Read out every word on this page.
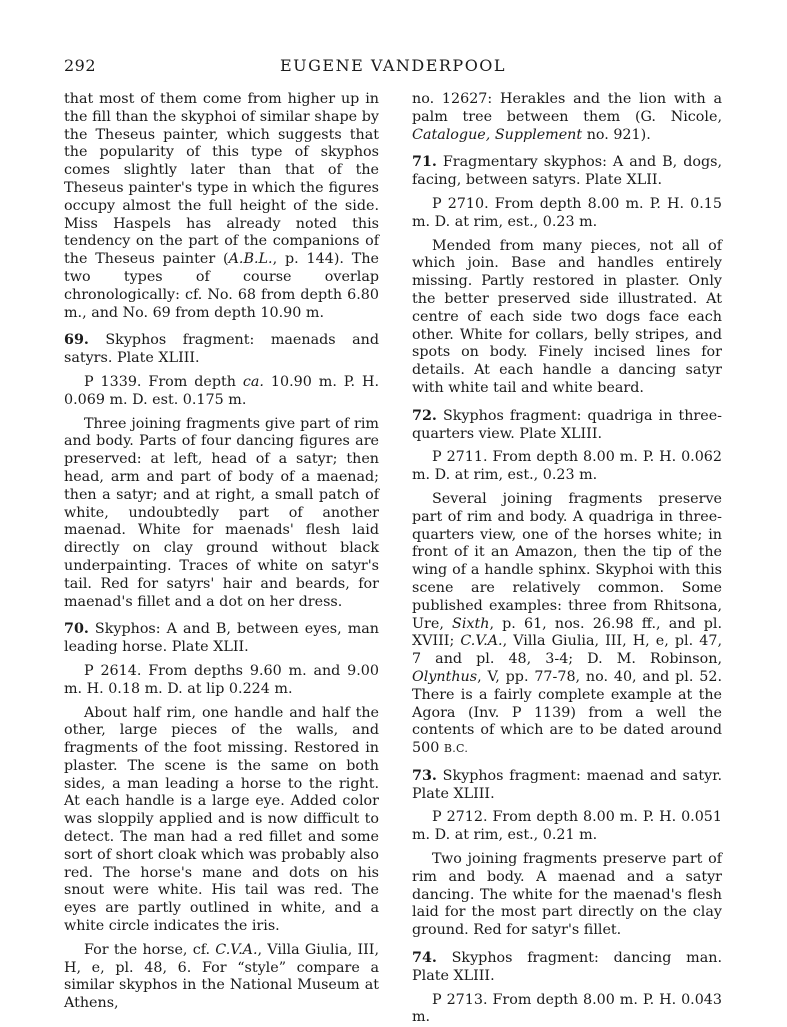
292	EUGENE VANDERPOOL

that most of them come from higher up in the fill than the skyphoi of similar shape by the Theseus painter, which suggests that the popularity of this type of skyphos comes slightly later than that of the Theseus painter's type in which the figures occupy almost the full height of the side. Miss Haspels has already noted this tendency on the part of the companions of the Theseus painter (A.B.L., p. 144). The two types of course overlap chronologically: cf. No. 68 from depth 6.80 m., and No. 69 from depth 10.90 m.

69. Skyphos fragment: maenads and satyrs. Plate XLIII.

P 1339. From depth ca. 10.90 m. P. H. 0.069 m. D. est. 0.175 m.

Three joining fragments give part of rim and body. Parts of four dancing figures are preserved: at left, head of a satyr; then head, arm and part of body of a maenad; then a satyr; and at right, a small patch of white, undoubtedly part of another maenad. White for maenads' flesh laid directly on clay ground without black underpainting. Traces of white on satyr's tail. Red for satyrs' hair and beards, for maenad's fillet and a dot on her dress.

70. Skyphos: A and B, between eyes, man leading horse. Plate XLII.

P 2614. From depths 9.60 m. and 9.00 m. H. 0.18 m. D. at lip 0.224 m.

About half rim, one handle and half the other, large pieces of the walls, and fragments of the foot missing. Restored in plaster. The scene is the same on both sides, a man leading a horse to the right. At each handle is a large eye. Added color was sloppily applied and is now difficult to detect. The man had a red fillet and some sort of short cloak which was probably also red. The horse's mane and dots on his snout were white. His tail was red. The eyes are partly outlined in white, and a white circle indicates the iris.

For the horse, cf. C.V.A., Villa Giulia, III, H, e, pl. 48, 6. For “style” compare a similar skyphos in the National Museum at Athens,

no. 12627: Herakles and the lion with a palm tree between them (G. Nicole, Catalogue, Supplement no. 921).

71. Fragmentary skyphos: A and B, dogs, facing, between satyrs. Plate XLII.

P 2710. From depth 8.00 m. P. H. 0.15 m. D. at rim, est., 0.23 m.

Mended from many pieces, not all of which join. Base and handles entirely missing. Partly restored in plaster. Only the better preserved side illustrated. At centre of each side two dogs face each other. White for collars, belly stripes, and spots on body. Finely incised lines for details. At each handle a dancing satyr with white tail and white beard.

72. Skyphos fragment: quadriga in three-quarters view. Plate XLIII.

P 2711. From depth 8.00 m. P. H. 0.062 m. D. at rim, est., 0.23 m.

Several joining fragments preserve part of rim and body. A quadriga in three-quarters view, one of the horses white; in front of it an Amazon, then the tip of the wing of a handle sphinx. Skyphoi with this scene are relatively common. Some published examples: three from Rhitsona, Ure, Sixth, p. 61, nos. 26.98 ff., and pl. XVIII; C.V.A., Villa Giulia, III, H, e, pl. 47, 7 and pl. 48, 3-4; D. M. Robinson, Olynthus, V, pp. 77-78, no. 40, and pl. 52. There is a fairly complete example at the Agora (Inv. P 1139) from a well the contents of which are to be dated around 500 B.C.

73. Skyphos fragment: maenad and satyr. Plate XLIII.

P 2712. From depth 8.00 m. P. H. 0.051 m. D. at rim, est., 0.21 m.

Two joining fragments preserve part of rim and body. A maenad and a satyr dancing. The white for the maenad's flesh laid for the most part directly on the clay ground. Red for satyr's fillet.

74. Skyphos fragment: dancing man. Plate XLIII.

P 2713. From depth 8.00 m. P. H. 0.043 m.
